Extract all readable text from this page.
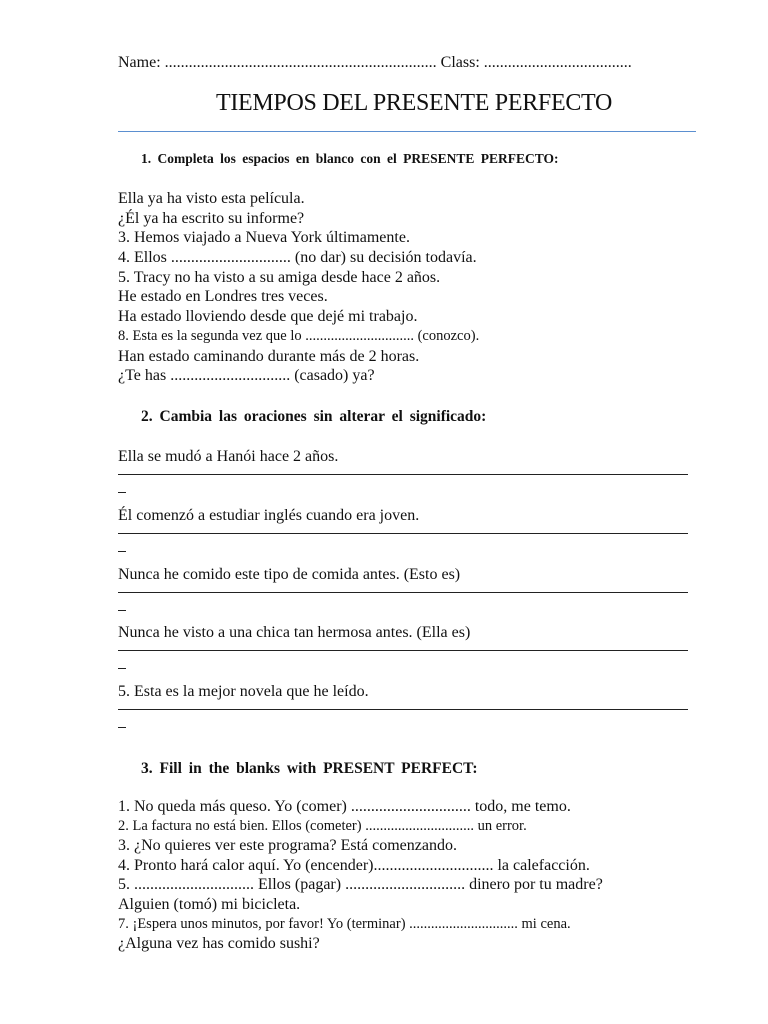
Name: .................................................................... Class: .....................................
TIEMPOS DEL PRESENTE PERFECTO
1. Completa los espacios en blanco con el PRESENTE PERFECTO:
Ella ya ha visto esta película.
¿Él ya ha escrito su informe?
3. Hemos viajado a Nueva York últimamente.
4. Ellos .............................. (no dar) su decisión todavía.
5. Tracy no ha visto a su amiga desde hace 2 años.
He estado en Londres tres veces.
Ha estado lloviendo desde que dejé mi trabajo.
8. Esta es la segunda vez que lo .............................. (conozco).
Han estado caminando durante más de 2 horas.
¿Te has .............................. (casado) ya?
2. Cambia las oraciones sin alterar el significado:
Ella se mudó a Hanói hace 2 años.
Él comenzó a estudiar inglés cuando era joven.
Nunca he comido este tipo de comida antes. (Esto es)
Nunca he visto a una chica tan hermosa antes. (Ella es)
5. Esta es la mejor novela que he leído.
3. Fill in the blanks with PRESENT PERFECT:
1. No queda más queso. Yo (comer) .............................. todo, me temo.
2. La factura no está bien. Ellos (cometer) .............................. un error.
3. ¿No quieres ver este programa? Está comenzando.
4. Pronto hará calor aquí. Yo (encender).............................. la calefacción.
5. .............................. Ellos (pagar) .............................. dinero por tu madre?
Alguien (tomó) mi bicicleta.
7. ¡Espera unos minutos, por favor! Yo (terminar) .............................. mi cena.
¿Alguna vez has comido sushi?
